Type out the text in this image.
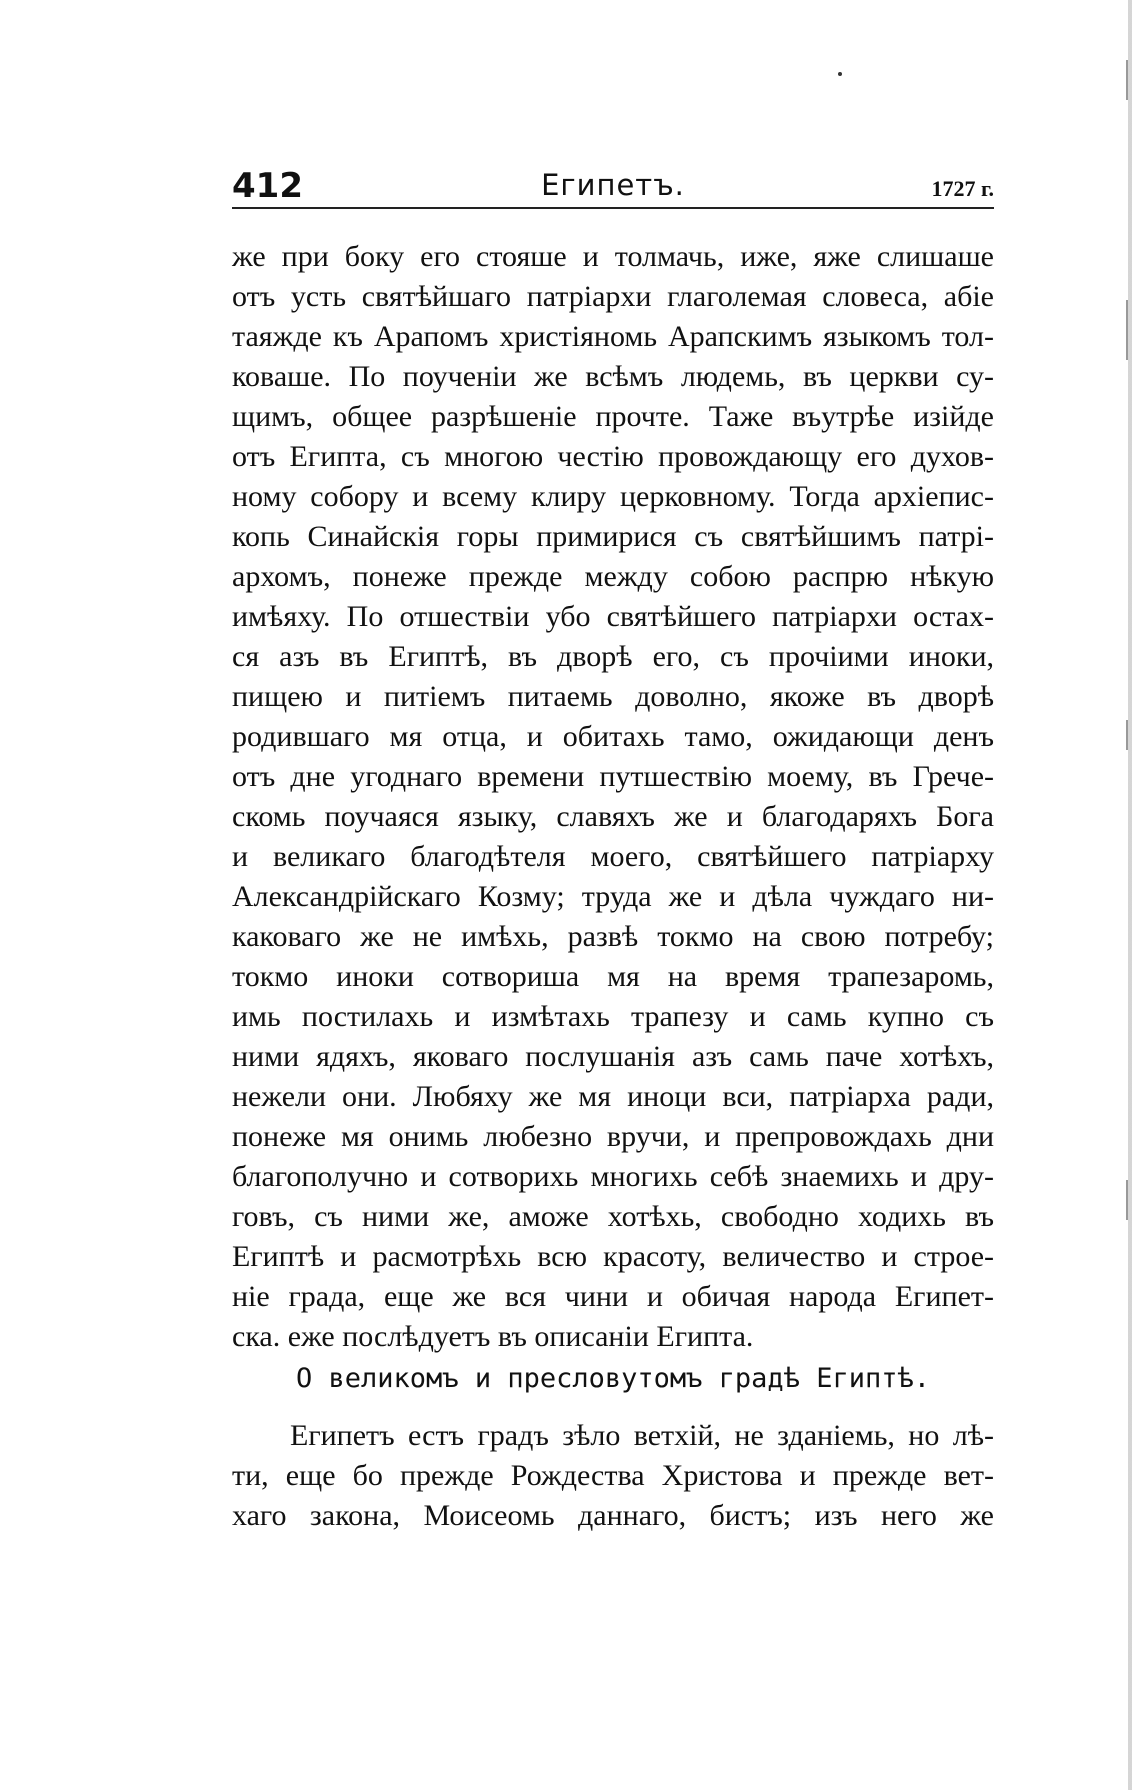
412	Египетъ.	1727 г.
же при боку его стояше и толмачь, иже, яже слишаше
отъ усть святѣйшаго патріархи глаголемая словеса, абіе
таяжде къ Арапомъ христіяномь Арапскимъ языкомъ тол-
коваше. По поученіи же всѣмъ людемь, въ церкви су-
щимъ, общее разрѣшеніе прочте. Таже въутрѣе изійде
отъ Египта, съ многою честію провождающу его духов-
ному собору и всему клиру церковному. Тогда архіепис-
копь Синайскія горы примирися съ святѣйшимъ патрі-
архомъ, понеже прежде между собою распрю нѣкую
имѣяху. По отшествіи убо святѣйшего патріархи остах-
ся азъ въ Египтѣ, въ дворѣ его, съ прочіими иноки,
пищею и питіемъ питаемь доволно, якоже въ дворѣ
родившаго мя отца, и обитахь тамо, ожидающи денъ
отъ дне угоднаго времени путшествію моему, въ Грече-
скомь поучаяся языку, славяхъ же и благодаряхъ Бога
и великаго благодѣтеля моего, святѣйшего патріарху
Александрійскаго Козму; труда же и дѣла чуждаго ни-
каковаго же не имѣхь, развѣ токмо на свою потребу;
токмо иноки сотвориша мя на время трапезаромь,
имь постилахь и измѣтахь трапезу и самь купно съ
ними ядяхъ, яковаго послушанія азъ самь паче хотѣхъ,
нежели они. Любяху же мя иноци вси, патріарха ради,
понеже мя онимь любезно вручи, и препровождахь дни
благополучно и сотворихь многихь себѣ знаемихь и дру-
говъ, съ ними же, аможе хотѣхь, свободно ходихь въ
Египтѣ и расмотрѣхь всю красоту, величество и строе-
ніе града, еще же вся чини и обичая народа Египет-
ска. еже послѣдуетъ въ описаніи Египта.
О великомъ и пресловутомъ градѣ Египтѣ.
Египетъ естъ градъ зѣло ветхій, не зданіемь, но лѣ-
ти, еще бо прежде Рождества Христова и прежде вет-
хаго закона, Моисеомь даннаго, бистъ; изъ него же
